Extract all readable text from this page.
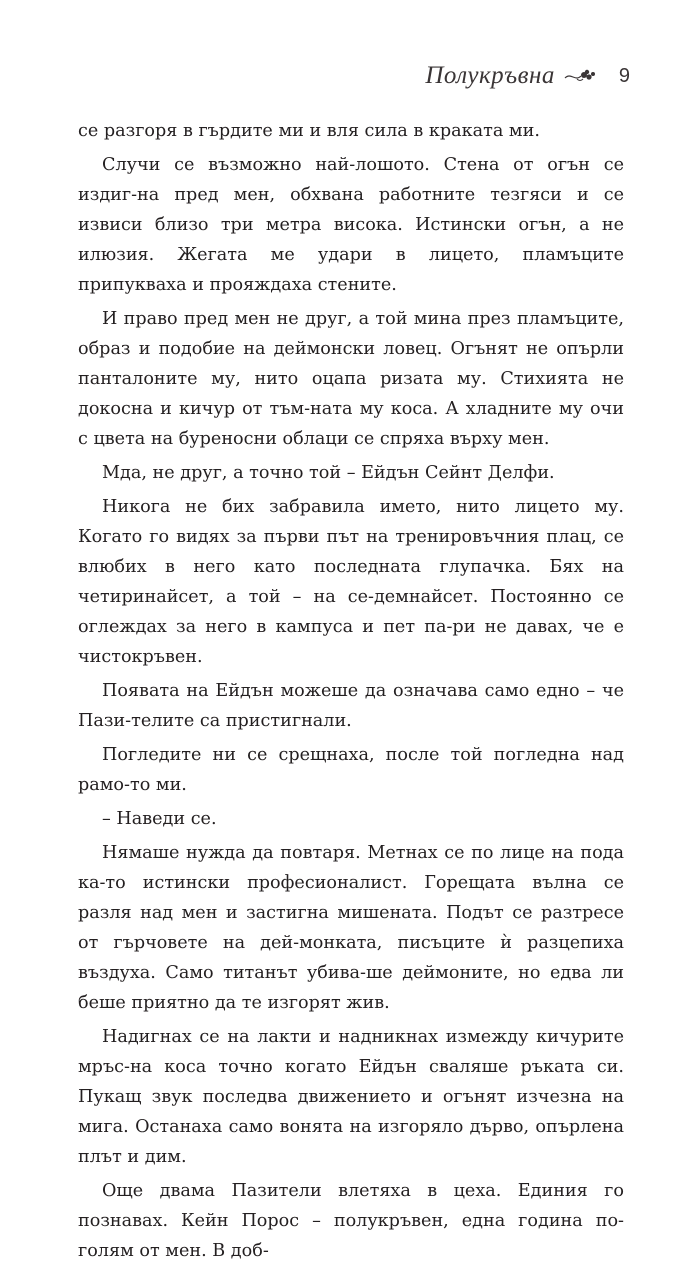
Полукръвна	9

се разгоря в гърдите ми и вля сила в краката ми.

Случи се възможно най-лошото. Стена от огън се издиг-на пред мен, обхвана работните тезгяси и се извиси близо три метра висока. Истински огън, а не илюзия. Жегата ме удари в лицето, пламъците припукваха и прояждаха стените.

И право пред мен не друг, а той мина през пламъците, образ и подобие на деймонски ловец. Огънят не опърли панталоните му, нито оцапа ризата му. Стихията не докосна и кичур от тъм-ната му коса. А хладните му очи с цвета на буреносни облаци се спряха върху мен.

Мда, не друг, а точно той – Ейдън Сейнт Делфи.

Никога не бих забравила името, нито лицето му. Когато го видях за първи път на тренировъчния плац, се влюбих в него като последната глупачка. Бях на четиринайсет, а той – на се-демнайсет. Постоянно се оглеждах за него в кампуса и пет па-ри не давах, че е чистокръвен.

Появата на Ейдън можеше да означава само едно – че Пази-телите са пристигнали.

Погледите ни се срещнаха, после той погледна над рамо-то ми.

– Наведи се.

Нямаше нужда да повтаря. Метнах се по лице на пода ка-то истински професионалист. Горещата вълна се разля над мен и застигна мишената. Подът се разтресе от гърчовете на дей-монката, писъците ѝ разцепиха въздуха. Само титанът убива-ше деймоните, но едва ли беше приятно да те изгорят жив.

Надигнах се на лакти и надникнах измежду кичурите мръс-на коса точно когато Ейдън сваляше ръката си. Пукащ звук последва движението и огънят изчезна на мига. Останаха само вонята на изгоряло дърво, опърлена плът и дим.

Още двама Пазители влетяха в цеха. Единия го познавах. Кейн Порос – полукръвен, една година по-голям от мен. В доб-
